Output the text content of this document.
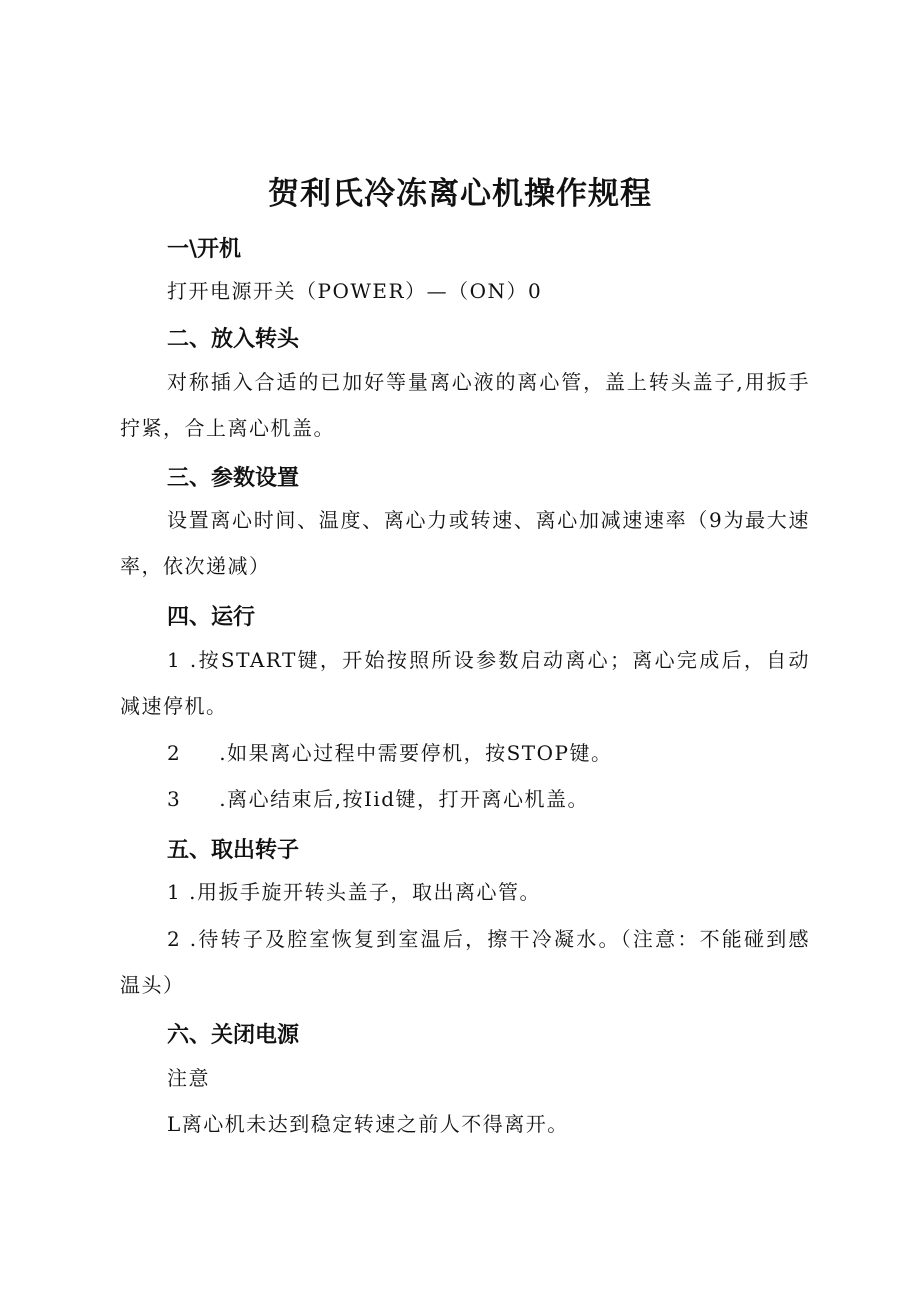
贺利氏冷冻离心机操作规程
一\开机

打开电源开关（POWER）—（ON）0

二、放入转头

对称插入合适的已加好等量离心液的离心管，盖上转头盖子,用扳手拧紧，合上离心机盖。

三、参数设置

设置离心时间、温度、离心力或转速、离心加减速速率（9为最大速率，依次递减）

四、运行

1 .按START键，开始按照所设参数启动离心；离心完成后，自动减速停机。

2 .如果离心过程中需要停机，按STOP键。

3 .离心结束后,按Iid键，打开离心机盖。

五、取出转子

1 .用扳手旋开转头盖子，取出离心管。

2 .待转子及腔室恢复到室温后，擦干冷凝水。（注意：不能碰到感温头）

六、关闭电源

注意

L离心机未达到稳定转速之前人不得离开。
